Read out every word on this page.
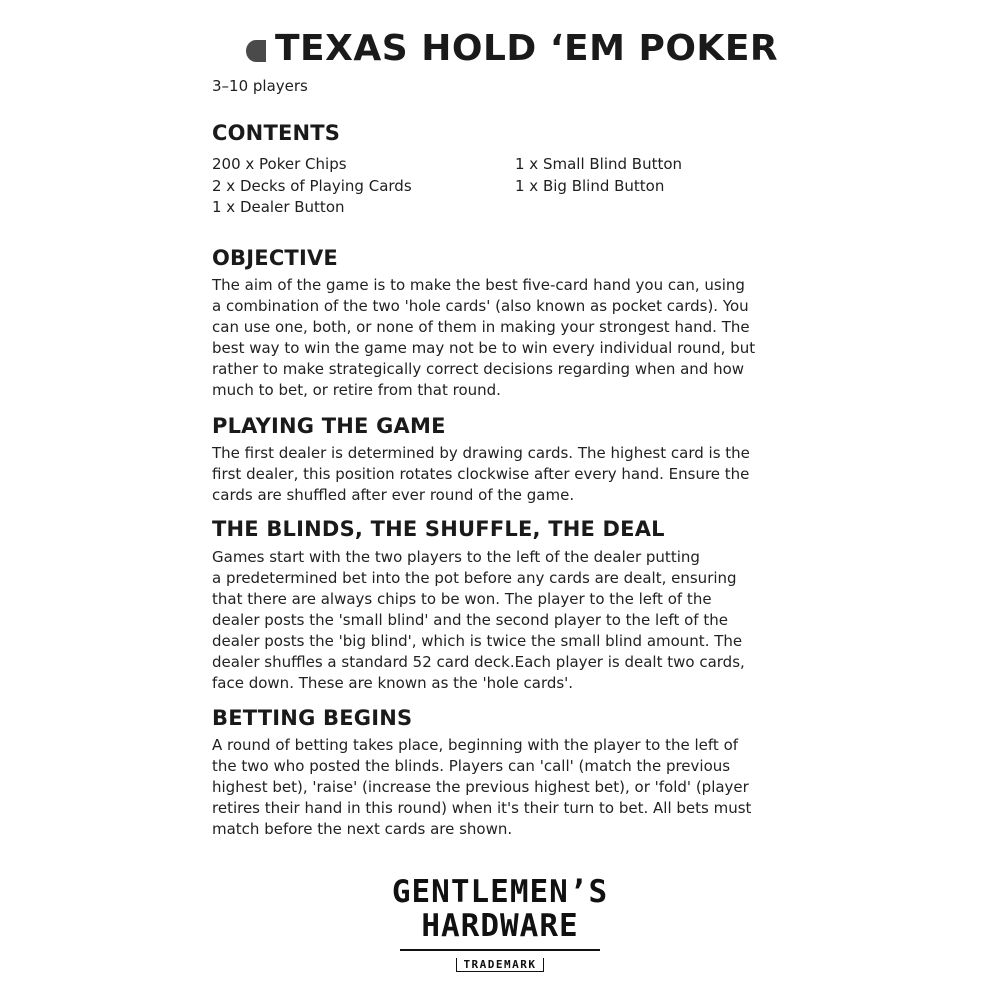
TEXAS HOLD ‘EM POKER
3–10 players
CONTENTS
200 x Poker Chips
2 x Decks of Playing Cards
1 x Dealer Button
1 x Small Blind Button
1 x Big Blind Button
OBJECTIVE
The aim of the game is to make the best five-card hand you can, using
a combination of the two 'hole cards' (also known as pocket cards). You
can use one, both, or none of them in making your strongest hand. The
best way to win the game may not be to win every individual round, but
rather to make strategically correct decisions regarding when and how
much to bet, or retire from that round.
PLAYING THE GAME
The first dealer is determined by drawing cards. The highest card is the
first dealer, this position rotates clockwise after every hand. Ensure the
cards are shuffled after ever round of the game.
THE BLINDS, THE SHUFFLE, THE DEAL
Games start with the two players to the left of the dealer putting
a predetermined bet into the pot before any cards are dealt, ensuring
that there are always chips to be won. The player to the left of the
dealer posts the 'small blind' and the second player to the left of the
dealer posts the 'big blind', which is twice the small blind amount. The
dealer shuffles a standard 52 card deck.Each player is dealt two cards,
face down. These are known as the 'hole cards'.
BETTING BEGINS
A round of betting takes place, beginning with the player to the left of
the two who posted the blinds. Players can 'call' (match the previous
highest bet), 'raise' (increase the previous highest bet), or 'fold' (player
retires their hand in this round) when it's their turn to bet. All bets must
match before the next cards are shown.
GENTLEMEN’S
HARDWARE
TRADEMARK
